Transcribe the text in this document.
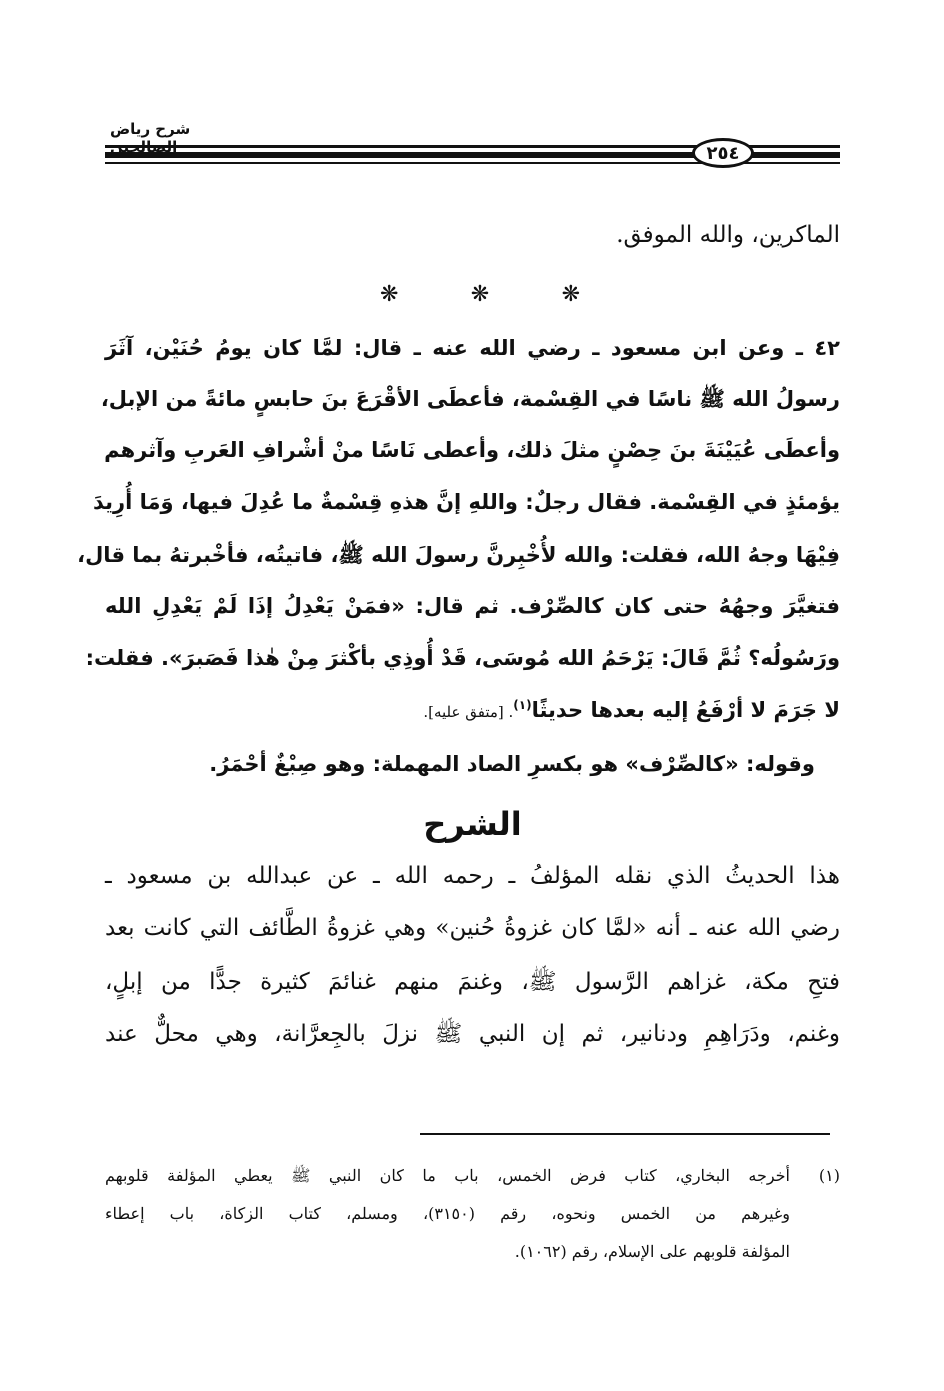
شرح رياض
٢٥٤
الماكرين، والله الموفق.
❋	❋	❋
٤٢ ـ وعن ابن مسعود ـ رضي الله عنه ـ قال: لمَّا كان يومُ حُنَيْن، آثَرَ
رسولُ الله ﷺ ناسًا في القِسْمة، فأعطَى الأقْرَعَ بنَ حابسٍ مائةً من الإبل،
وأعطَى عُيَيْنَةَ بنَ حِصْنٍ مثلَ ذلك، وأعطى نَاسًا منْ أشْرافِ العَربِ وآثرهم
يؤمئذٍ في القِسْمة. فقال رجلٌ: واللهِ إنَّ هذهِ قِسْمةٌ ما عُدِلَ فيها، وَمَا أُرِيدَ
فِيْهَا وجهُ الله، فقلت: والله لأُخْبِرنَّ رسولَ الله ﷺ، فاتيتُه، فأخْبرتهُ بما قال،
فتغيَّرَ وجهُهُ حتى كان كالصِّرْف. ثم قال: «فمَنْ يَعْدِلُ إذَا لَمْ يَعْدِلِ الله
ورَسُولُه؟ ثُمَّ قَالَ: يَرْحَمُ الله مُوسَى، قَدْ أُوذِي بأكْثرَ مِنْ هٰذا فَصَبرَ». فقلت:
لا جَرَمَ لا أرْفَعُ إليه بعدها حديثًا$^{(١)}$. [متفق عليه].
وقوله: «كالصِّرْف» هو بكسرِ الصاد المهملة: وهو صِبْغٌ أحْمَرُ.
الشرح
هذا الحديثُ الذي نقله المؤلفُ ـ رحمه الله ـ عن عبدالله بن مسعود ـ
رضي الله عنه ـ أنه «لمَّا كان غزوةُ حُنين» وهي غزوةُ الطَّائف التي كانت بعد
فتحِ مكة، غزاهم الرَّسول ﷺ، وغنمَ منهم غنائمَ كثيرة جدًّا من إبلٍ،
وغنم، ودَرَاهِمِ ودنانير، ثم إن النبي ﷺ نزلَ بالجِعرَّانة، وهي محلٌّ عند
(١)
أخرجه البخاري، كتاب فرض الخمس، باب ما كان النبي ﷺ يعطي المؤلفة قلوبهم
وغيرهم من الخمس ونحوه، رقم (٣١٥٠)، ومسلم، كتاب الزكاة، باب إعطاء
المؤلفة قلوبهم على الإسلام، رقم (١٠٦٢).
